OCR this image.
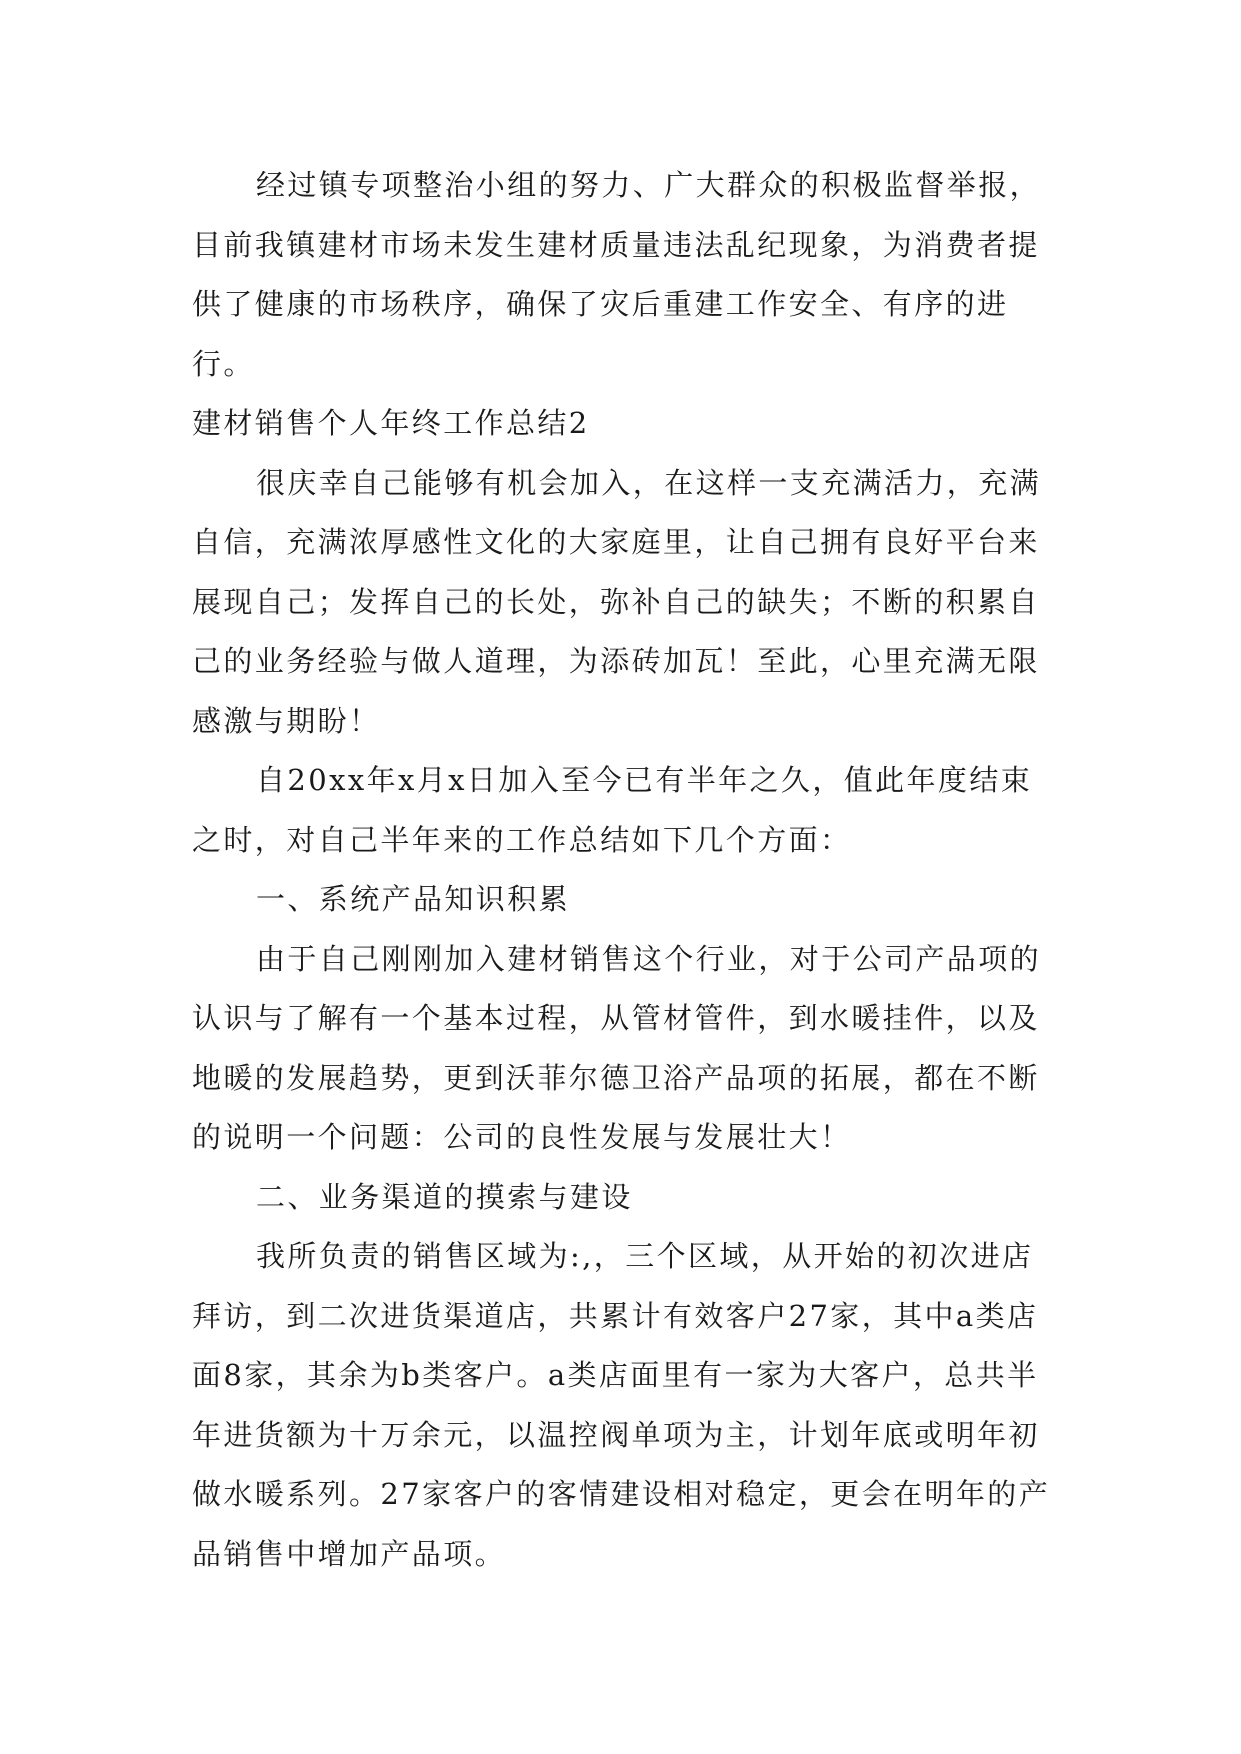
经过镇专项整治小组的努力、广大群众的积极监督举报，目前我镇建材市场未发生建材质量违法乱纪现象，为消费者提供了健康的市场秩序，确保了灾后重建工作安全、有序的进行。

建材销售个人年终工作总结2

很庆幸自己能够有机会加入，在这样一支充满活力，充满自信，充满浓厚感性文化的大家庭里，让自己拥有良好平台来展现自己；发挥自己的长处，弥补自己的缺失；不断的积累自己的业务经验与做人道理，为添砖加瓦！至此，心里充满无限感激与期盼！

自20xx年x月x日加入至今已有半年之久，值此年度结束之时，对自己半年来的工作总结如下几个方面：

一、系统产品知识积累

由于自己刚刚加入建材销售这个行业，对于公司产品项的认识与了解有一个基本过程，从管材管件，到水暖挂件，以及地暖的发展趋势，更到沃菲尔德卫浴产品项的拓展，都在不断的说明一个问题：公司的良性发展与发展壮大！

二、业务渠道的摸索与建设

我所负责的销售区域为:,，三个区域，从开始的初次进店拜访，到二次进货渠道店，共累计有效客户27家，其中a类店面8家，其余为b类客户。a类店面里有一家为大客户，总共半年进货额为十万余元，以温控阀单项为主，计划年底或明年初做水暖系列。27家客户的客情建设相对稳定，更会在明年的产品销售中增加产品项。
